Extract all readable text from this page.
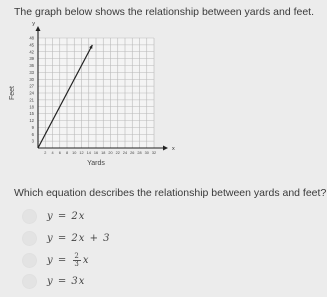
The graph below shows the relationship between yards and feet.
y
x
3
6
9
12
15
18
21
24
27
30
33
36
39
42
45
48
2 4 6 8 10 12 14 16 18 20 22 24 26 28 30 32
Yards
Feet
Which equation describes the relationship between yards and feet?
y = 2x
y = 2x + 3
$y = \frac{2}{3}$ x
y = 3x
